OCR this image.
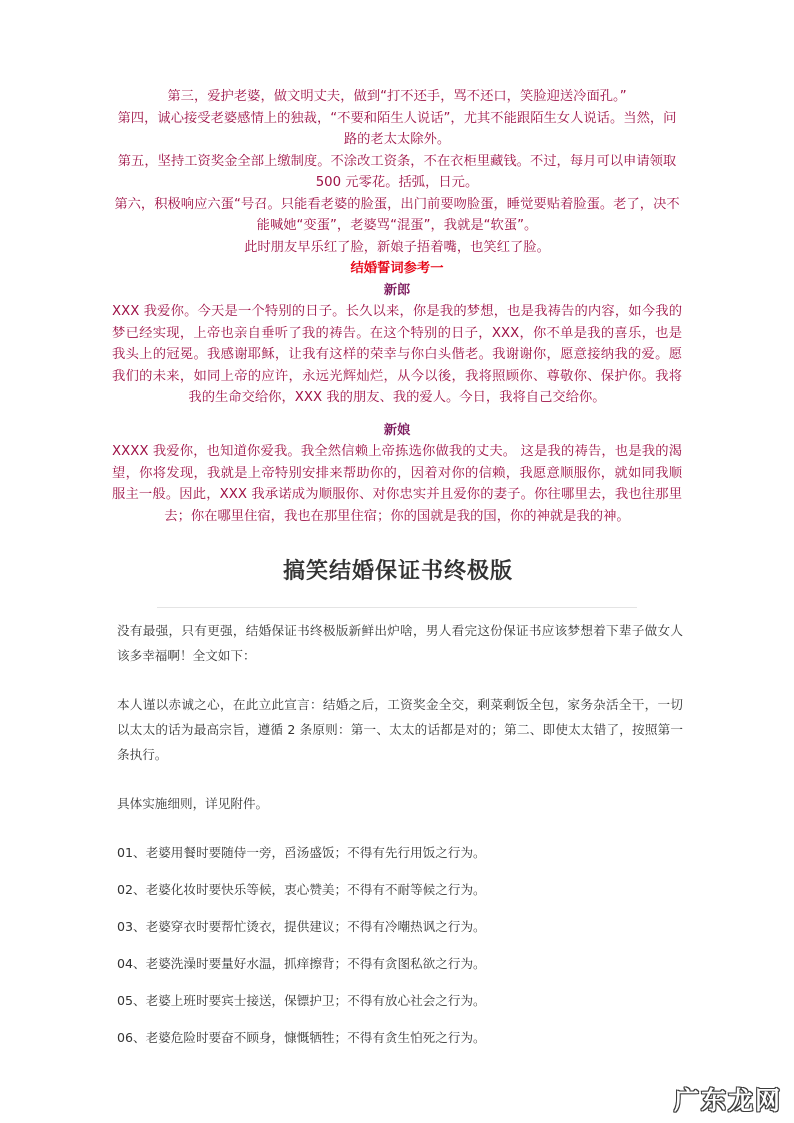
第三，爱护老婆，做文明丈夫，做到“打不还手，骂不还口，笑脸迎送冷面孔。”

第四，诚心接受老婆感情上的独裁，“不要和陌生人说话”，尤其不能跟陌生女人说话。当然，问路的老太太除外。

第五，坚持工资奖金全部上缴制度。不涂改工资条，不在衣柜里藏钱。不过，每月可以申请领取 500 元零花。括弧，日元。

第六，积极响应六蛋“号召。只能看老婆的脸蛋，出门前要吻脸蛋，睡觉要贴着脸蛋。老了，决不能喊她“变蛋”，老婆骂“混蛋”，我就是“软蛋”。

此时朋友早乐红了脸，新娘子捂着嘴，也笑红了脸。

结婚誓词参考一

新郎

XXX 我爱你。今天是一个特别的日子。长久以来，你是我的梦想，也是我祷告的内容，如今我的梦已经实现，上帝也亲自垂听了我的祷告。在这个特别的日子，XXX，你不单是我的喜乐，也是我头上的冠冕。我感谢耶稣，让我有这样的荣幸与你白头偕老。我谢谢你，愿意接纳我的爱。愿我们的未来，如同上帝的应许，永远光辉灿烂，从今以後，我将照顾你、尊敬你、保护你。我将我的生命交给你，XXX 我的朋友、我的爱人。今日，我将自己交给你。

新娘

XXXX 我爱你，也知道你爱我。我全然信赖上帝拣选你做我的丈夫。 这是我的祷告，也是我的渴望，你将发现，我就是上帝特别安排来帮助你的，因着对你的信赖，我愿意顺服你，就如同我顺服主一般。因此，XXX 我承诺成为顺服你、对你忠实并且爱你的妻子。你往哪里去，我也往那里去；你在哪里住宿，我也在那里住宿；你的国就是我的国，你的神就是我的神。

搞笑结婚保证书终极版

没有最强，只有更强，结婚保证书终极版新鲜出炉啥，男人看完这份保证书应该梦想着下辈子做女人该多幸福啊！全文如下：

本人谨以赤诚之心，在此立此宣言：结婚之后，工资奖金全交，剩菜剩饭全包，家务杂活全干，一切以太太的话为最高宗旨，遵循 2 条原则：第一、太太的话都是对的；第二、即使太太错了，按照第一条执行。

具体实施细则，详见附件。

01、老婆用餐时要随侍一旁，舀汤盛饭；不得有先行用饭之行为。

02、老婆化妆时要快乐等候，衷心赞美；不得有不耐等候之行为。

03、老婆穿衣时要帮忙烫衣，提供建议；不得有冷嘲热讽之行为。

04、老婆洗澡时要量好水温，抓痒擦背；不得有贪图私欲之行为。

05、老婆上班时要宾士接送，保镖护卫；不得有放心社会之行为。

06、老婆危险时要奋不顾身，慷慨牺牲；不得有贪生怕死之行为。

广东龙网
